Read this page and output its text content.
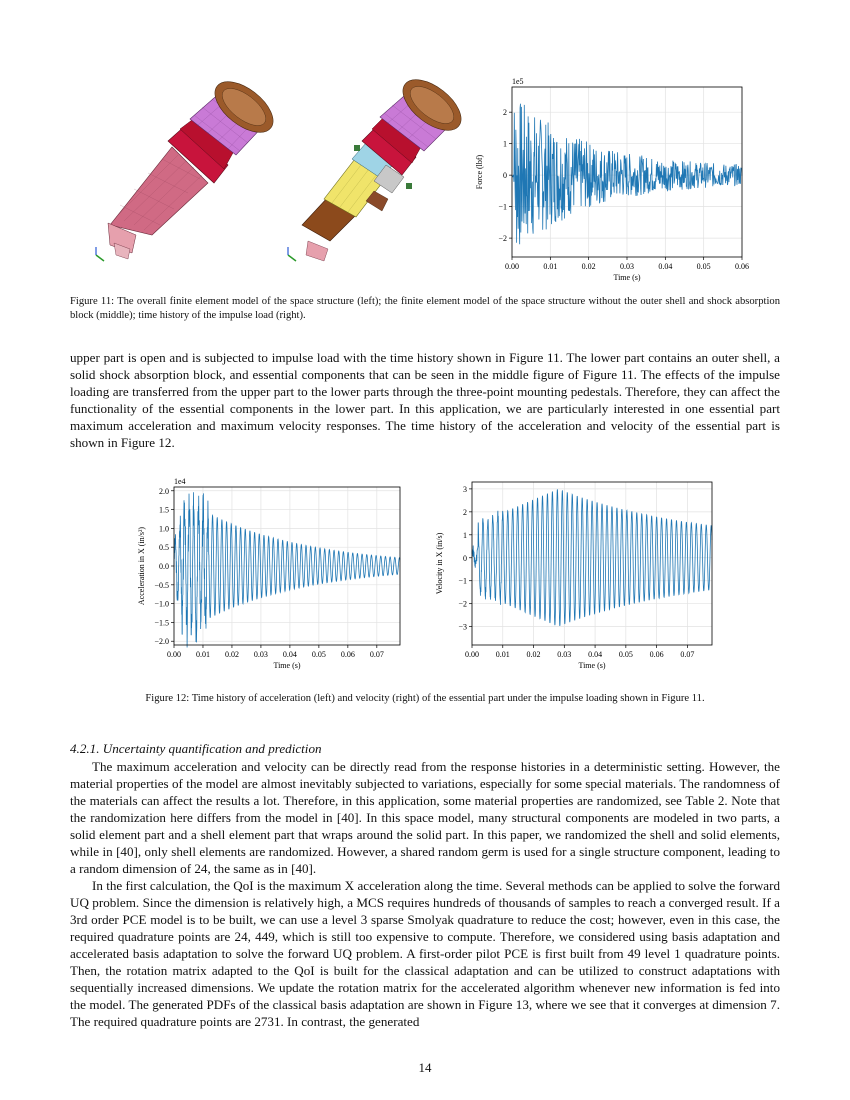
0.00	0.01	0.02	0.03	0.04	0.05	0.06
−2
−1
0
1
2
Time (s)
Force (lbf)
1e5
Figure 11: The overall finite element model of the space structure (left); the finite element model of the space structure without the outer shell and shock absorption block (middle); time history of the impulse load (right).
upper part is open and is subjected to impulse load with the time history shown in Figure 11. The lower part contains an outer shell, a solid shock absorption block, and essential components that can be seen in the middle figure of Figure 11. The effects of the impulse loading are transferred from the upper part to the lower parts through the three-point mounting pedestals. Therefore, they can affect the functionality of the essential components in the lower part. In this application, we are particularly interested in one essential part maximum acceleration and maximum velocity responses. The time history of the acceleration and velocity of the essential part is shown in Figure 12.
0.00 0.01 0.02 0.03 0.04 0.05 0.06 0.07
−2.0
−1.5
−1.0
−0.5
0.0
0.5
1.0
1.5
2.0
Time (s)
Acceleration in X (in/s²)
1e4
0.00 0.01 0.02 0.03 0.04 0.05 0.06 0.07
−3
−2
−1
0
1
2
3
Time (s)
Velocity in X (in/s)
Figure 12: Time history of acceleration (left) and velocity (right) of the essential part under the impulse loading shown in Figure 11.
4.2.1. Uncertainty quantification and prediction
The maximum acceleration and velocity can be directly read from the response histories in a deterministic setting. However, the material properties of the model are almost inevitably subjected to variations, especially for some special materials. The randomness of the materials can affect the results a lot. Therefore, in this application, some material properties are randomized, see Table 2. Note that the randomization here differs from the model in [40]. In this space model, many structural components are modeled in two parts, a solid element part and a shell element part that wraps around the solid part. In this paper, we randomized the shell and solid elements, while in [40], only shell elements are randomized. However, a shared random germ is used for a single structure component, leading to a random dimension of 24, the same as in [40].
In the first calculation, the QoI is the maximum X acceleration along the time. Several methods can be applied to solve the forward UQ problem. Since the dimension is relatively high, a MCS requires hundreds of thousands of samples to reach a converged result. If a 3rd order PCE model is to be built, we can use a level 3 sparse Smolyak quadrature to reduce the cost; however, even in this case, the required quadrature points are 24, 449, which is still too expensive to compute. Therefore, we considered using basis adaptation and accelerated basis adaptation to solve the forward UQ problem. A first-order pilot PCE is first built from 49 level 1 quadrature points. Then, the rotation matrix adapted to the QoI is built for the classical adaptation and can be utilized to construct adaptations with sequentially increased dimensions. We update the rotation matrix for the accelerated algorithm whenever new information is fed into the model. The generated PDFs of the classical basis adaptation are shown in Figure 13, where we see that it converges at dimension 7. The required quadrature points are 2731. In contrast, the generated
14
